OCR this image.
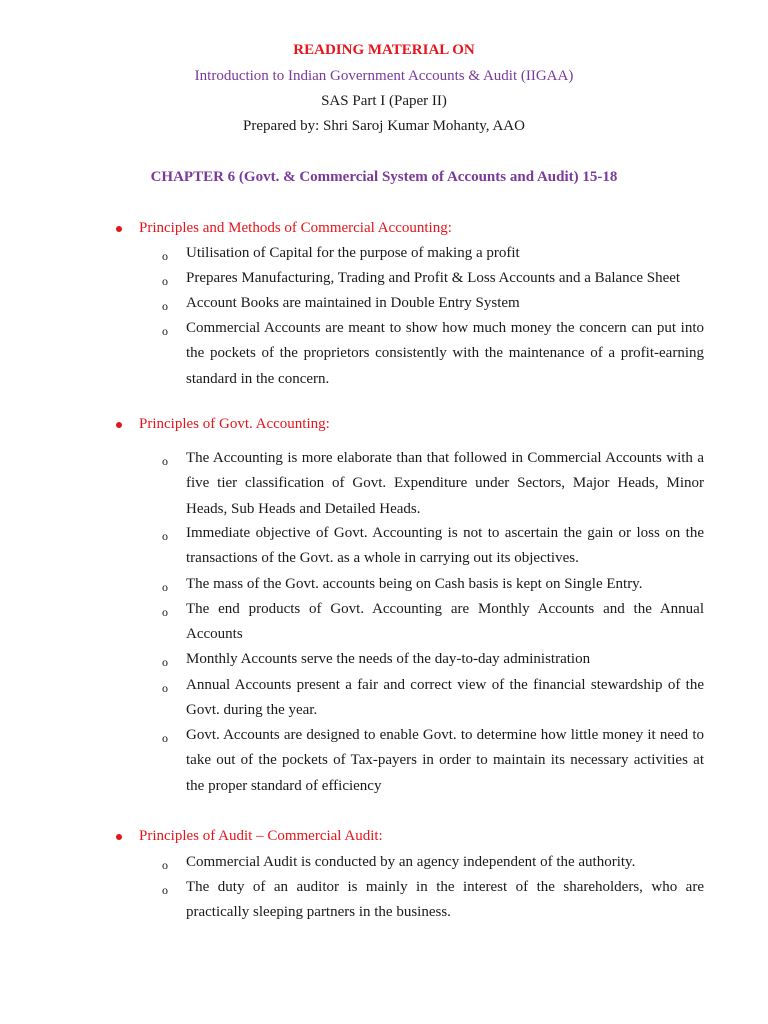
READING MATERIAL ON
Introduction to Indian Government Accounts & Audit (IIGAA)
SAS Part I (Paper II)
Prepared by: Shri Saroj Kumar Mohanty, AAO
CHAPTER 6 (Govt. & Commercial System of Accounts and Audit) 15-18
Principles and Methods of Commercial Accounting:
o Utilisation of Capital for the purpose of making a profit
o Prepares Manufacturing, Trading and Profit & Loss Accounts and a Balance Sheet
o Account Books are maintained in Double Entry System
o Commercial Accounts are meant to show how much money the concern can put into the pockets of the proprietors consistently with the maintenance of a profit-earning standard in the concern.
Principles of Govt. Accounting:
o The Accounting is more elaborate than that followed in Commercial Accounts with a five tier classification of Govt. Expenditure under Sectors, Major Heads, Minor Heads, Sub Heads and Detailed Heads.
o Immediate objective of Govt. Accounting is not to ascertain the gain or loss on the transactions of the Govt. as a whole in carrying out its objectives.
o The mass of the Govt. accounts being on Cash basis is kept on Single Entry.
o The end products of Govt. Accounting are Monthly Accounts and the Annual Accounts
o Monthly Accounts serve the needs of the day-to-day administration
o Annual Accounts present a fair and correct view of the financial stewardship of the Govt. during the year.
o Govt. Accounts are designed to enable Govt. to determine how little money it need to take out of the pockets of Tax-payers in order to maintain its necessary activities at the proper standard of efficiency
Principles of Audit – Commercial Audit:
o Commercial Audit is conducted by an agency independent of the authority.
o The duty of an auditor is mainly in the interest of the shareholders, who are practically sleeping partners in the business.
